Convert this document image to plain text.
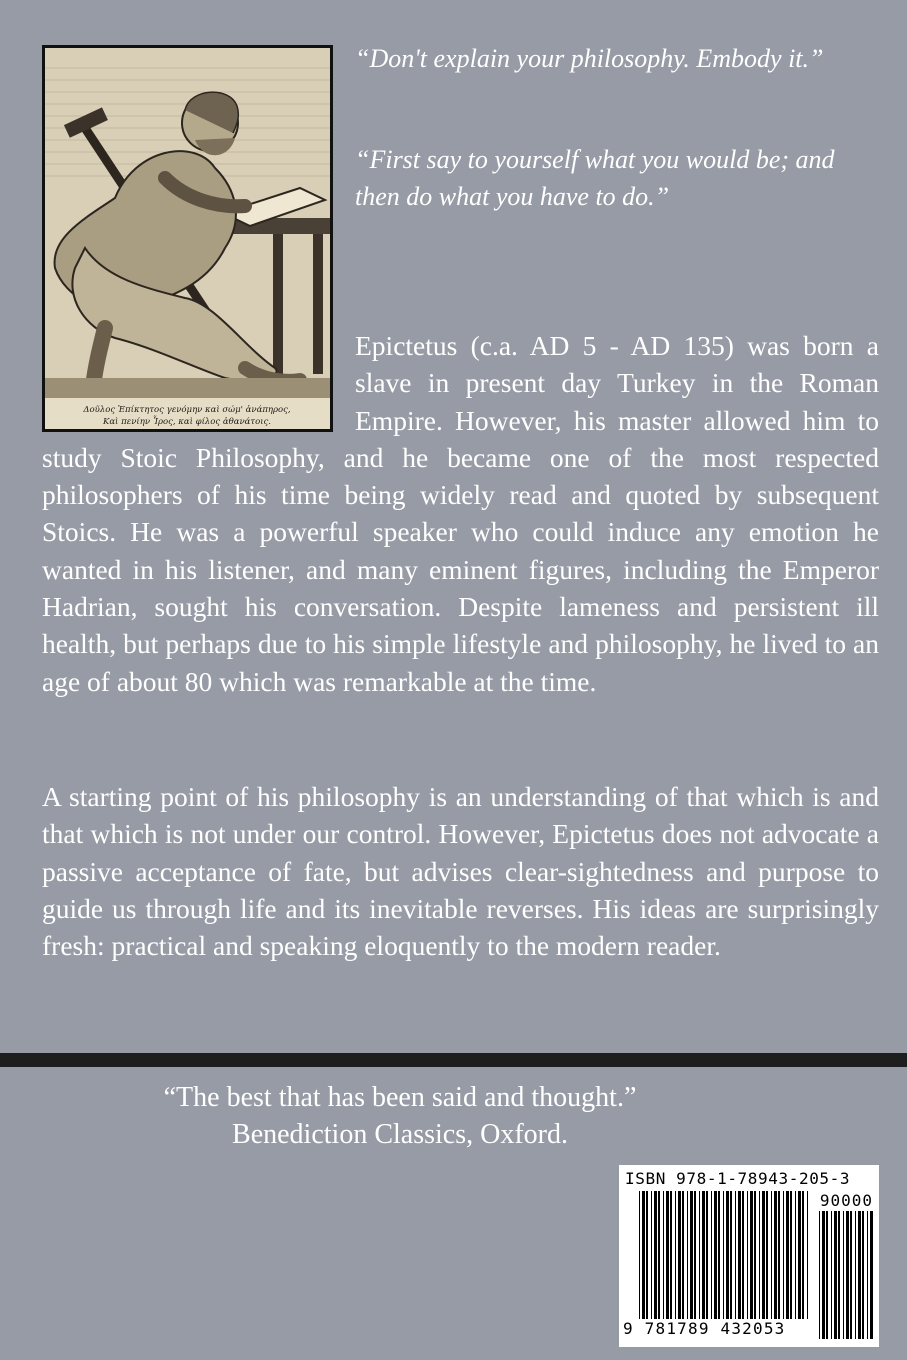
Δοῦλος Ἐπίκτητος γενόμην καὶ σώμ' ἀνάπηρος,
Καὶ πενίην Ἶρος, καὶ φίλος ἀθανάτοις.

“Don't explain your philosophy. Embody it.”

“First say to yourself what you would be; and then do what you have to do.”

Epictetus (c.a. AD 5 - AD 135) was born a slave in present day Turkey in the Roman Empire. However, his master allowed him to study Stoic Philosophy, and he became one of the most respected philosophers of his time being widely read and quoted by subsequent Stoics. He was a powerful speaker who could induce any emotion he wanted in his listener, and many eminent figures, including the Emperor Hadrian, sought his conversation. Despite lameness and persistent ill health, but perhaps due to his simple lifestyle and philosophy, he lived to an age of about 80 which was remarkable at the time.

A starting point of his philosophy is an understanding of that which is and that which is not under our control. However, Epictetus does not advocate a passive acceptance of fate, but advises clear-sightedness and purpose to guide us through life and its inevitable reverses. His ideas are surprisingly fresh: practical and speaking eloquently to the modern reader.

“The best that has been said and thought.”
Benediction Classics, Oxford.
ISBN 978-1-78943-205-3
90000
9 781789 432053
